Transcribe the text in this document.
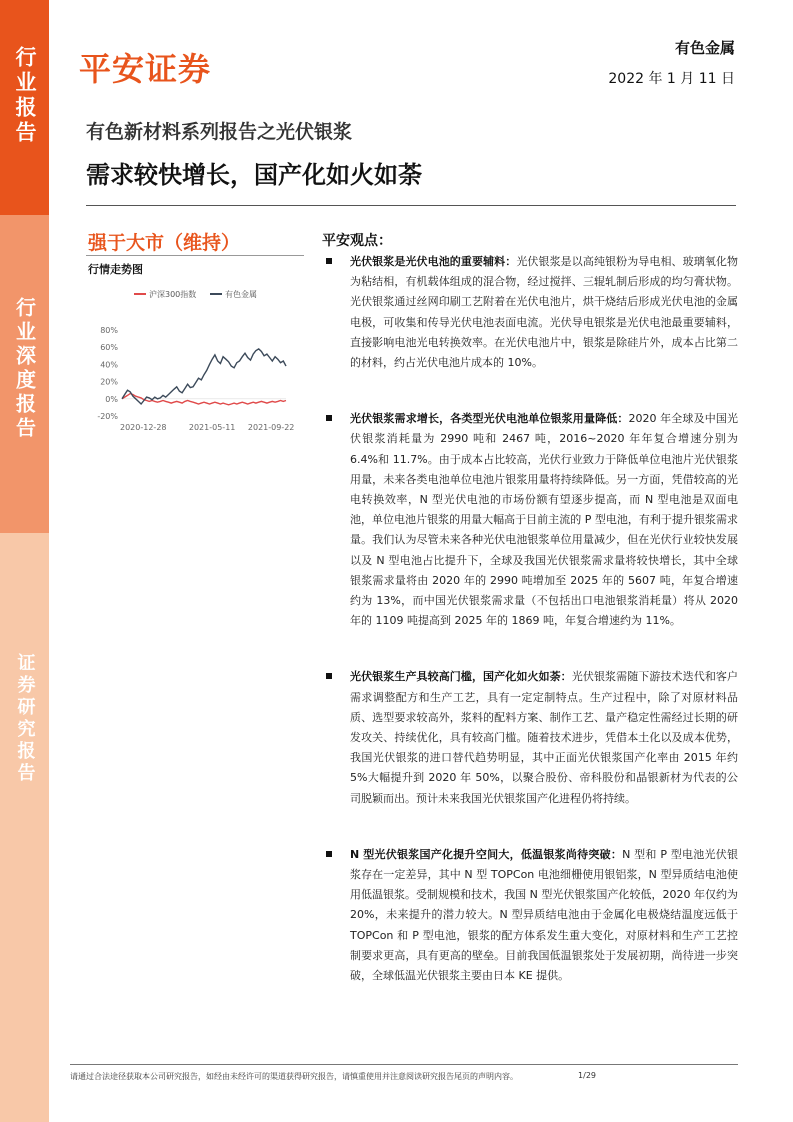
行业报告
行业深度报告
证券研究报告
平安证券
有色金属
2022 年 1 月 11 日
有色新材料系列报告之光伏银浆
需求较快增长，国产化如火如荼
强于大市（维持）
行情走势图
沪深300指数	有色金属
80%
60%
40%
20%
0%
-20%
2020-12-28	2021-05-11 2021-09-22
平安观点：
光伏银浆是光伏电池的重要辅料：光伏银浆是以高纯银粉为导电相、玻璃氧化物为粘结相，有机载体组成的混合物，经过搅拌、三辊轧制后形成的均匀膏状物。光伏银浆通过丝网印刷工艺附着在光伏电池片，烘干烧结后形成光伏电池的金属电极，可收集和传导光伏电池表面电流。光伏导电银浆是光伏电池最重要辅料，直接影响电池光电转换效率。在光伏电池片中，银浆是除硅片外，成本占比第二的材料，约占光伏电池片成本的 10%。
光伏银浆需求增长，各类型光伏电池单位银浆用量降低：2020 年全球及中国光伏银浆消耗量为 2990 吨和 2467 吨，2016~2020 年年复合增速分别为 6.4%和 11.7%。由于成本占比较高，光伏行业致力于降低单位电池片光伏银浆用量，未来各类电池单位电池片银浆用量将持续降低。另一方面，凭借较高的光电转换效率，N 型光伏电池的市场份额有望逐步提高，而 N 型电池是双面电池，单位电池片银浆的用量大幅高于目前主流的 P 型电池，有利于提升银浆需求量。我们认为尽管未来各种光伏电池银浆单位用量减少，但在光伏行业较快发展以及 N 型电池占比提升下，全球及我国光伏银浆需求量将较快增长，其中全球银浆需求量将由 2020 年的 2990 吨增加至 2025 年的 5607 吨，年复合增速约为 13%，而中国光伏银浆需求量（不包括出口电池银浆消耗量）将从 2020 年的 1109 吨提高到 2025 年的 1869 吨，年复合增速约为 11%。
光伏银浆生产具较高门槛，国产化如火如荼：光伏银浆需随下游技术迭代和客户需求调整配方和生产工艺，具有一定定制特点。生产过程中，除了对原材料品质、选型要求较高外，浆料的配料方案、制作工艺、量产稳定性需经过长期的研发攻关、持续优化，具有较高门槛。随着技术进步，凭借本土化以及成本优势，我国光伏银浆的进口替代趋势明显，其中正面光伏银浆国产化率由 2015 年约 5%大幅提升到 2020 年 50%，以聚合股份、帝科股份和晶银新材为代表的公司脱颖而出。预计未来我国光伏银浆国产化进程仍将持续。
N 型光伏银浆国产化提升空间大，低温银浆尚待突破：N 型和 P 型电池光伏银浆存在一定差异，其中 N 型 TOPCon 电池细栅使用银铝浆，N 型异质结电池使用低温银浆。受制规模和技术，我国 N 型光伏银浆国产化较低，2020 年仅约为 20%，未来提升的潜力较大。N 型异质结电池由于金属化电极烧结温度远低于 TOPCon 和 P 型电池，银浆的配方体系发生重大变化，对原材料和生产工艺控制要求更高，具有更高的壁垒。目前我国低温银浆处于发展初期，尚待进一步突破，全球低温光伏银浆主要由日本 KE 提供。
请通过合法途径获取本公司研究报告，如经由未经许可的渠道获得研究报告，请慎重使用并注意阅读研究报告尾页的声明内容。	1/29
